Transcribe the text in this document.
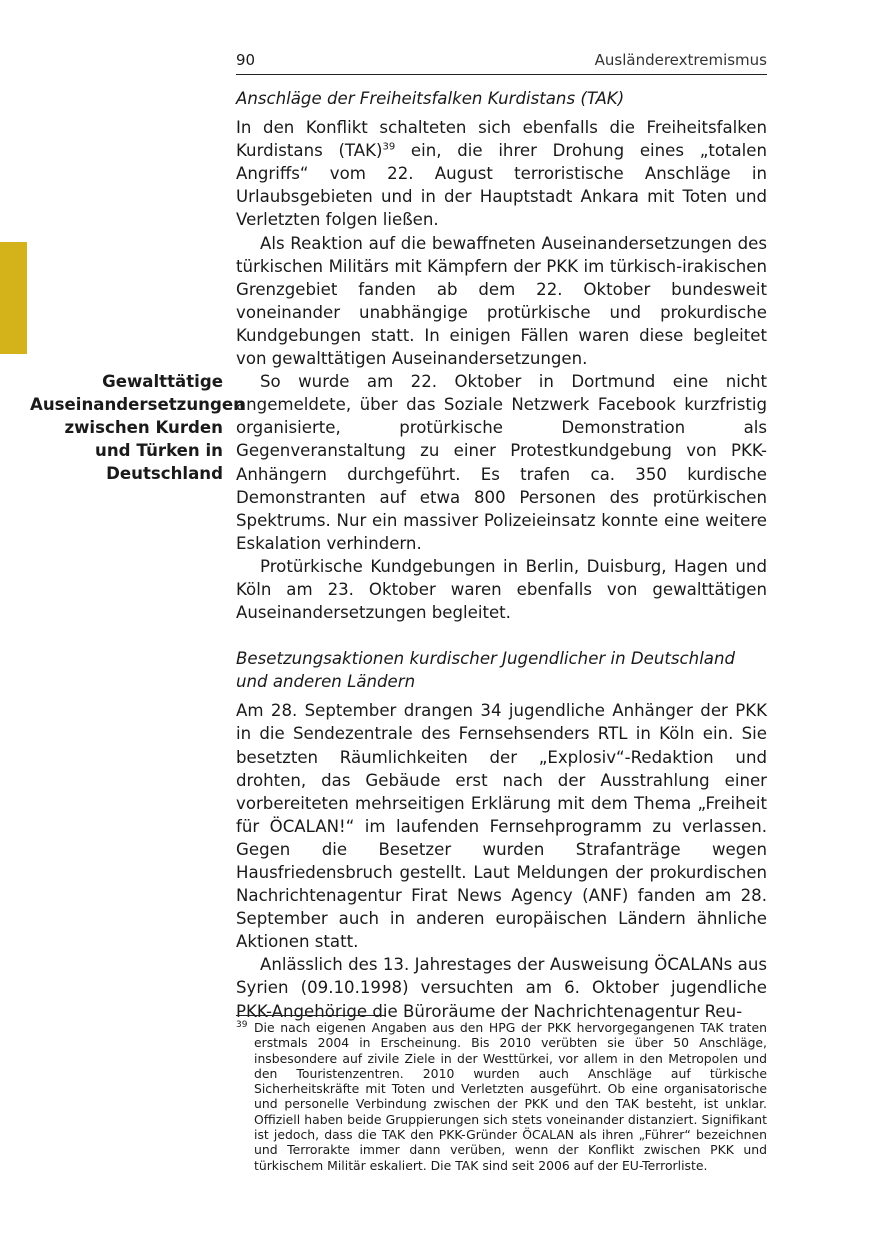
90	Ausländerextremismus
Gewalttätige Auseinandersetzungen zwischen Kurden und Türken in Deutschland
Anschläge der Freiheitsfalken Kurdistans (TAK)

In den Konflikt schalteten sich ebenfalls die Freiheitsfalken Kurdistans (TAK)$^{39}$ ein, die ihrer Drohung eines „totalen Angriffs“ vom 22. August terroristische Anschläge in Urlaubsgebieten und in der Hauptstadt Ankara mit Toten und Verletzten folgen ließen.

Als Reaktion auf die bewaffneten Auseinandersetzungen des türkischen Militärs mit Kämpfern der PKK im türkisch-irakischen Grenzgebiet fanden ab dem 22. Oktober bundesweit voneinander unabhängige protürkische und prokurdische Kundgebungen statt. In einigen Fällen waren diese begleitet von gewalttätigen Auseinandersetzungen.

So wurde am 22. Oktober in Dortmund eine nicht angemeldete, über das Soziale Netzwerk Facebook kurzfristig organisierte, protürkische Demonstration als Gegenveranstaltung zu einer Protestkundgebung von PKK-Anhängern durchgeführt. Es trafen ca. 350 kurdische Demonstranten auf etwa 800 Personen des protürkischen Spektrums. Nur ein massiver Polizeieinsatz konnte eine weitere Eskalation verhindern.

Protürkische Kundgebungen in Berlin, Duisburg, Hagen und Köln am 23. Oktober waren ebenfalls von gewalttätigen Auseinandersetzungen begleitet.

Besetzungsaktionen kurdischer Jugendlicher in Deutschland und anderen Ländern

Am 28. September drangen 34 jugendliche Anhänger der PKK in die Sendezentrale des Fernsehsenders RTL in Köln ein. Sie besetzten Räumlichkeiten der „Explosiv“-Redaktion und drohten, das Gebäude erst nach der Ausstrahlung einer vorbereiteten mehrseitigen Erklärung mit dem Thema „Freiheit für ÖCALAN!“ im laufenden Fernsehprogramm zu verlassen. Gegen die Besetzer wurden Strafanträge wegen Hausfriedensbruch gestellt. Laut Meldungen der prokurdischen Nachrichtenagentur Firat News Agency (ANF) fanden am 28. September auch in anderen europäischen Ländern ähnliche Aktionen statt.

Anlässlich des 13. Jahrestages der Ausweisung ÖCALANs aus Syrien (09.10.1998) versuchten am 6. Oktober jugendliche PKK-Angehörige die Büroräume der Nachrichtenagentur Reu-

39 Die nach eigenen Angaben aus den HPG der PKK hervorgegangenen TAK traten erstmals 2004 in Erscheinung. Bis 2010 verübten sie über 50 Anschläge, insbesondere auf zivile Ziele in der Westtürkei, vor allem in den Metropolen und den Touristenzentren. 2010 wurden auch Anschläge auf türkische Sicherheitskräfte mit Toten und Verletzten ausgeführt. Ob eine organisatorische und personelle Verbindung zwischen der PKK und den TAK besteht, ist unklar. Offiziell haben beide Gruppierungen sich stets voneinander distanziert. Signifikant ist jedoch, dass die TAK den PKK-Gründer ÖCALAN als ihren „Führer“ bezeichnen und Terrorakte immer dann verüben, wenn der Konflikt zwischen PKK und türkischem Militär eskaliert. Die TAK sind seit 2006 auf der EU-Terrorliste.
